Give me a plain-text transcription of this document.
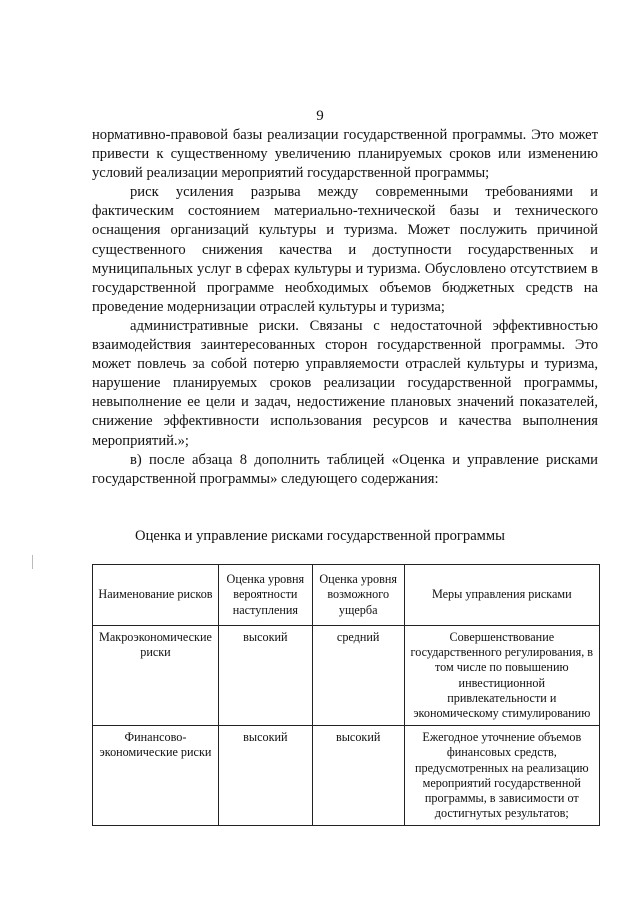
9

нормативно-правовой базы реализации государственной программы. Это может привести к существенному увеличению планируемых сроков или изменению условий реализации мероприятий государственной программы;

риск усиления разрыва между современными требованиями и фактическим состоянием материально-технической базы и технического оснащения организаций культуры и туризма. Может послужить причиной существенного снижения качества и доступности государственных и муниципальных услуг в сферах культуры и туризма. Обусловлено отсутствием в государственной программе необходимых объемов бюджетных средств на проведение модернизации отраслей культуры и туризма;

административные риски. Связаны с недостаточной эффективностью взаимодействия заинтересованных сторон государственной программы. Это может повлечь за собой потерю управляемости отраслей культуры и туризма, нарушение планируемых сроков реализации государственной программы, невыполнение ее цели и задач, недостижение плановых значений показателей, снижение эффективности использования ресурсов и качества выполнения мероприятий.»;

в) после абзаца 8 дополнить таблицей «Оценка и управление рисками государственной программы» следующего содержания:

Оценка и управление рисками государственной программы
Наименование рисков	Оценка уровня вероятности наступления	Оценка уровня возможного ущерба	Меры управления рисками
Макроэкономические риски	высокий	средний	Совершенствование государственного регулирования, в том числе по повышению инвестиционной привлекательности и экономическому стимулированию
Финансово-экономические риски	высокий	высокий	Ежегодное уточнение объемов финансовых средств, предусмотренных на реализацию мероприятий государственной программы, в зависимости от достигнутых результатов;
